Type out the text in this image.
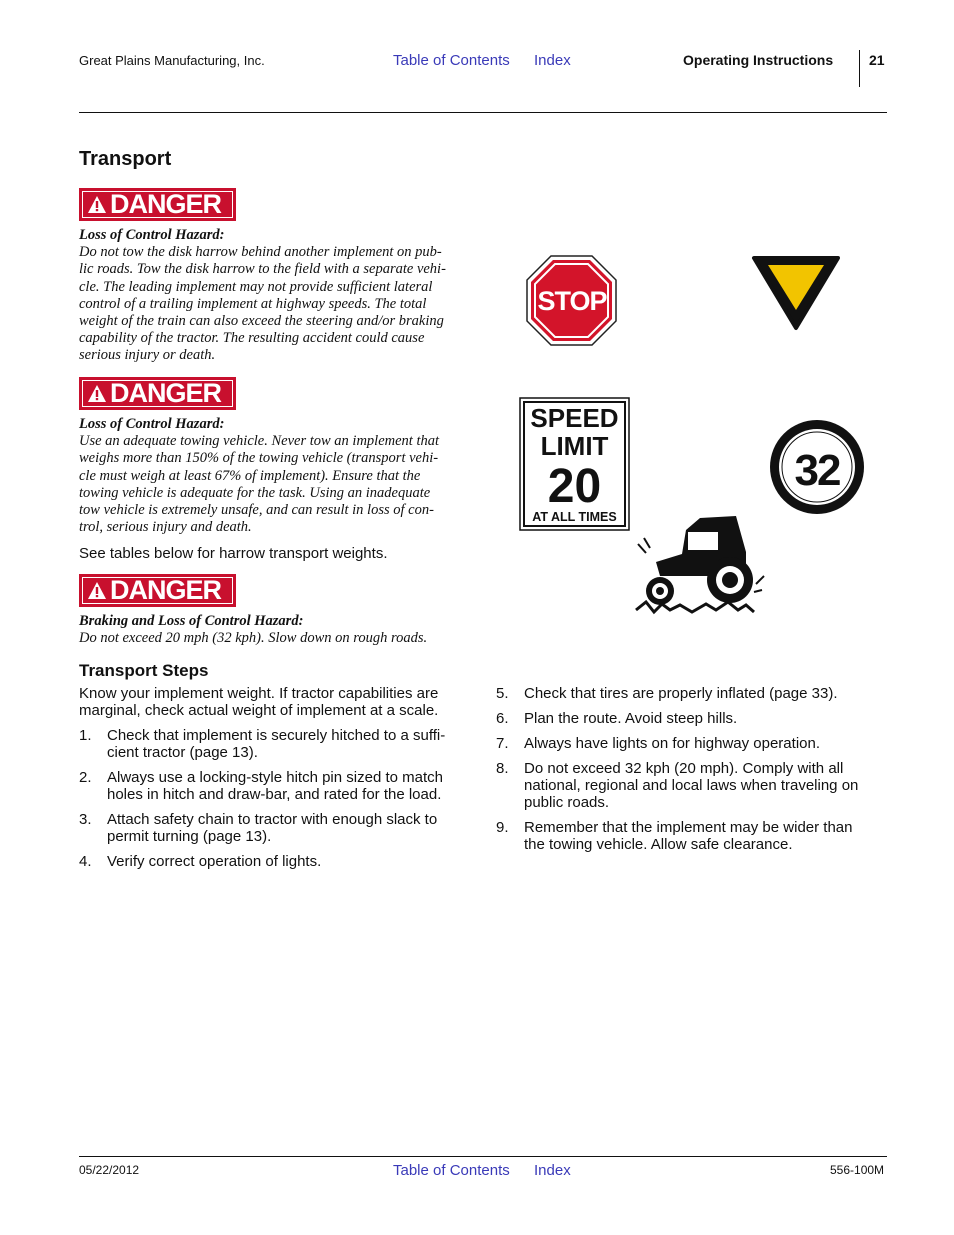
Great Plains Manufacturing, Inc.	Table of Contents Index	Operating Instructions	21
Transport
DANGER
Loss of Control Hazard:
Do not tow the disk harrow behind another implement on pub-
lic roads. Tow the disk harrow to the field with a separate vehi-
cle. The leading implement may not provide sufficient lateral
control of a trailing implement at highway speeds. The total
weight of the train can also exceed the steering and/or braking
capability of the tractor. The resulting accident could cause
serious injury or death.
DANGER
Loss of Control Hazard:
Use an adequate towing vehicle. Never tow an implement that
weighs more than 150% of the towing vehicle (transport vehi-
cle must weigh at least 67% of implement). Ensure that the
towing vehicle is adequate for the task. Using an inadequate
tow vehicle is extremely unsafe, and can result in loss of con-
trol, serious injury and death.
See tables below for harrow transport weights.
DANGER
Braking and Loss of Control Hazard:
Do not exceed 20 mph (32 kph). Slow down on rough roads.
Transport Steps
Know your implement weight. If tractor capabilities are
marginal, check actual weight of implement at a scale.
1. Check that implement is securely hitched to a suffi-
cient tractor (page 13).
2. Always use a locking-style hitch pin sized to match
holes in hitch and draw-bar, and rated for the load.
3. Attach safety chain to tractor with enough slack to
permit turning (page 13).
4. Verify correct operation of lights.
5. Check that tires are properly inflated (page 33).
6. Plan the route. Avoid steep hills.
7. Always have lights on for highway operation.
8. Do not exceed 32 kph (20 mph). Comply with all
national, regional and local laws when traveling on
public roads.
9. Remember that the implement may be wider than
the towing vehicle. Allow safe clearance.
STOP
SPEED
LIMIT
20
AT ALL TIMES
32
05/22/2012	Table of Contents Index	556-100M
